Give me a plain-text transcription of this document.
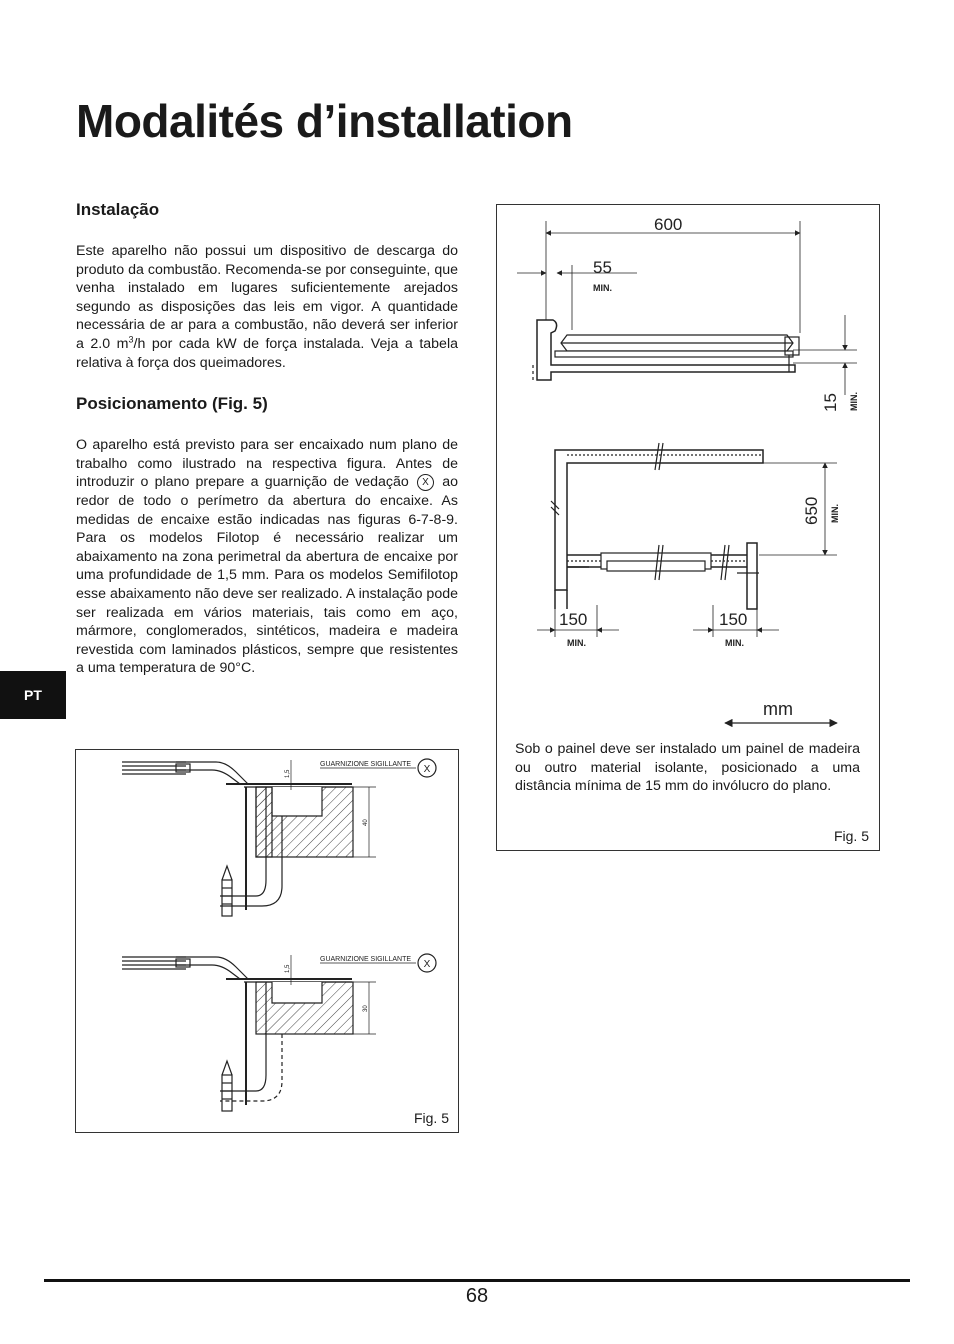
Modalités d’installation
Instalação

Este aparelho não possui um dispositivo de descarga do produto da combustão. Recomenda-se por conseguinte, que venha instalado em lugares suficientemente arejados segundo as disposições das leis em vigor. A quantidade necessária de ar para a combustão, não deverá ser inferior a 2.0 $m^3/h$ por cada kW de força instalada. Veja a tabela relativa à força dos queimadores.

Posicionamento (Fig. 5)

O aparelho está previsto para ser encaixado num plano de trabalho como ilustrado na respectiva figura. Antes de introduzir o plano prepare a guarnição de vedação X ao redor de todo o perímetro da abertura do encaixe. As medidas de encaixe estão indicadas nas figuras 6-7-8-9. Para os modelos Filotop é necessário realizar um abaixamento na zona perimetral da abertura de encaixe por uma profundidade de 1,5 mm. Para os modelos Semifilotop esse abaixamento não deve ser realizado. A instalação pode ser realizada em vários materiais, tais como em aço, mármore, conglomerados, sintéticos, madeira e madeira revestida com laminados plásticos, sempre que resistentes a uma temperatura de 90°C.

PT
GUARNIZIONE SIGILLANTE X
1,5
40
GUARNIZIONE SIGILLANTE X
1,5
30
Fig. 5
600
55
MIN.
15 MIN.
650 MIN.
150
MIN.
150
MIN.
mm

Sob o painel deve ser instalado um painel de madeira ou outro material isolante, posicionado a uma distância mínima de 15 mm do invólucro do plano.

Fig. 5
68
